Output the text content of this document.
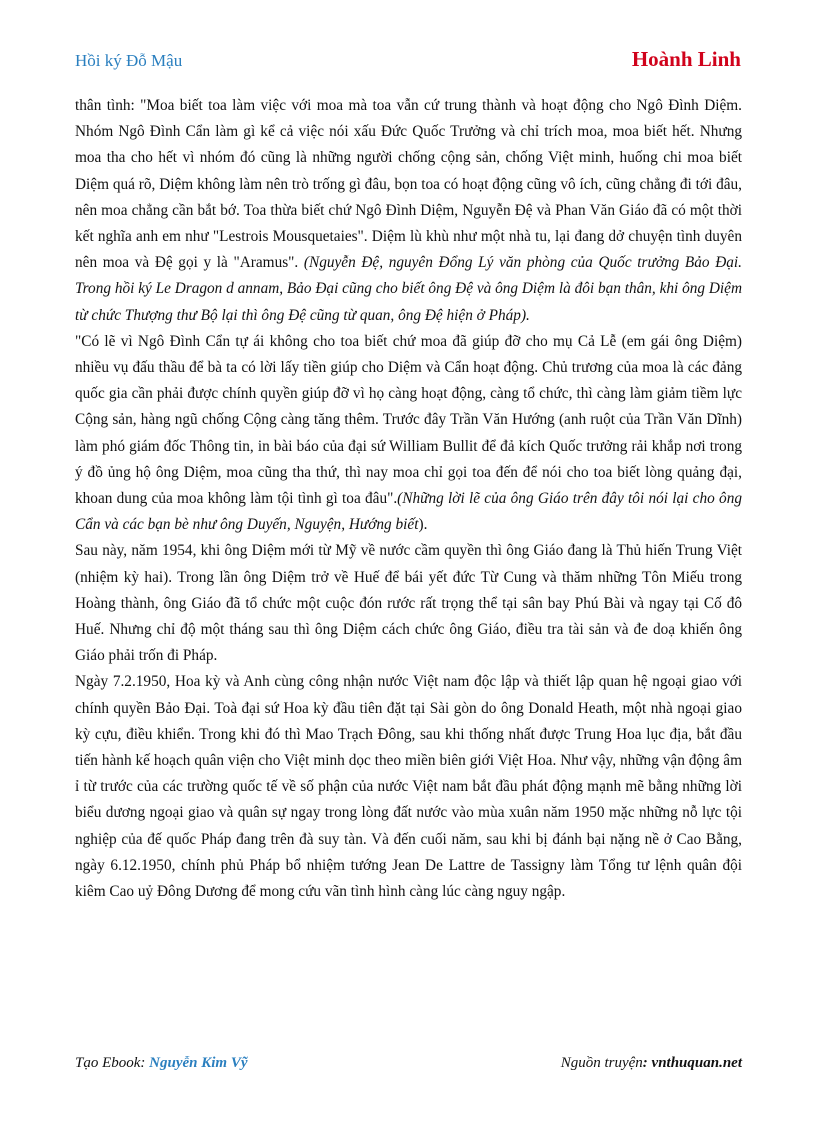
Hồi ký Đỗ Mậu	Hoành Linh

thân tình: "Moa biết toa làm việc với moa mà toa vẫn cứ trung thành và hoạt động cho Ngô Đình Diệm. Nhóm Ngô Đình Cẩn làm gì kể cả việc nói xấu Đức Quốc Trưởng và chỉ trích moa, moa biết hết. Nhưng moa tha cho hết vì nhóm đó cũng là những người chống cộng sản, chống Việt minh, huống chi moa biết Diệm quá rõ, Diệm không làm nên trò trống gì đâu, bọn toa có hoạt động cũng vô ích, cũng chẳng đi tới đâu, nên moa chẳng cần bắt bớ. Toa thừa biết chứ Ngô Đình Diệm, Nguyễn Đệ và Phan Văn Giáo đã có một thời kết nghĩa anh em như "Lestrois Mousquetaies". Diệm lù khù như một nhà tu, lại đang dở chuyện tình duyên nên moa và Đệ gọi y là "Aramus". (Nguyễn Đệ, nguyên Đổng Lý văn phòng của Quốc trưởng Bảo Đại. Trong hồi ký Le Dragon d annam, Bảo Đại cũng cho biết ông Đệ và ông Diệm là đôi bạn thân, khi ông Diệm từ chức Thượng thư Bộ lại thì ông Đệ cũng từ quan, ông Đệ hiện ở Pháp).

"Có lẽ vì Ngô Đình Cẩn tự ái không cho toa biết chứ moa đã giúp đỡ cho mụ Cả Lễ (em gái ông Diệm) nhiều vụ đấu thầu để bà ta có lời lấy tiền giúp cho Diệm và Cẩn hoạt động. Chủ trương của moa là các đảng quốc gia cần phải được chính quyền giúp đỡ vì họ càng hoạt động, càng tổ chức, thì càng làm giảm tiềm lực Cộng sản, hàng ngũ chống Cộng càng tăng thêm. Trước đây Trần Văn Hướng (anh ruột của Trần Văn Dĩnh) làm phó giám đốc Thông tin, in bài báo của đại sứ William Bullit để đả kích Quốc trưởng rải khắp nơi trong ý đồ ủng hộ ông Diệm, moa cũng tha thứ, thì nay moa chỉ gọi toa đến để nói cho toa biết lòng quảng đại, khoan dung của moa không làm tội tình gì toa đâu".(Những lời lẽ của ông Giáo trên đây tôi nói lại cho ông Cẩn và các bạn bè như ông Duyến, Nguyện, Hướng biết).

Sau này, năm 1954, khi ông Diệm mới từ Mỹ về nước cầm quyền thì ông Giáo đang là Thủ hiến Trung Việt (nhiệm kỳ hai). Trong lần ông Diệm trở về Huế để bái yết đức Từ Cung và thăm những Tôn Miếu trong Hoàng thành, ông Giáo đã tổ chức một cuộc đón rước rất trọng thể tại sân bay Phú Bài và ngay tại Cố đô Huế. Nhưng chỉ độ một tháng sau thì ông Diệm cách chức ông Giáo, điều tra tài sản và đe doạ khiến ông Giáo phải trốn đi Pháp.

Ngày 7.2.1950, Hoa kỳ và Anh cùng công nhận nước Việt nam độc lập và thiết lập quan hệ ngoại giao với chính quyền Bảo Đại. Toà đại sứ Hoa kỳ đầu tiên đặt tại Sài gòn do ông Donald Heath, một nhà ngoại giao kỳ cựu, điều khiển. Trong khi đó thì Mao Trạch Đông, sau khi thống nhất được Trung Hoa lục địa, bắt đầu tiến hành kế hoạch quân viện cho Việt minh dọc theo miền biên giới Việt Hoa. Như vậy, những vận động âm ỉ từ trước của các trường quốc tế về số phận của nước Việt nam bắt đầu phát động mạnh mẽ bằng những lời biểu dương ngoại giao và quân sự ngay trong lòng đất nước vào mùa xuân năm 1950 mặc những nỗ lực tội nghiệp của đế quốc Pháp đang trên đà suy tàn. Và đến cuối năm, sau khi bị đánh bại nặng nề ở Cao Bằng, ngày 6.12.1950, chính phủ Pháp bổ nhiệm tướng Jean De Lattre de Tassigny làm Tổng tư lệnh quân đội kiêm Cao uỷ Đông Dương để mong cứu vãn tình hình càng lúc càng nguy ngập.

Tạo Ebook: Nguyễn Kim Vỹ	Nguồn truyện: vnthuquan.net
